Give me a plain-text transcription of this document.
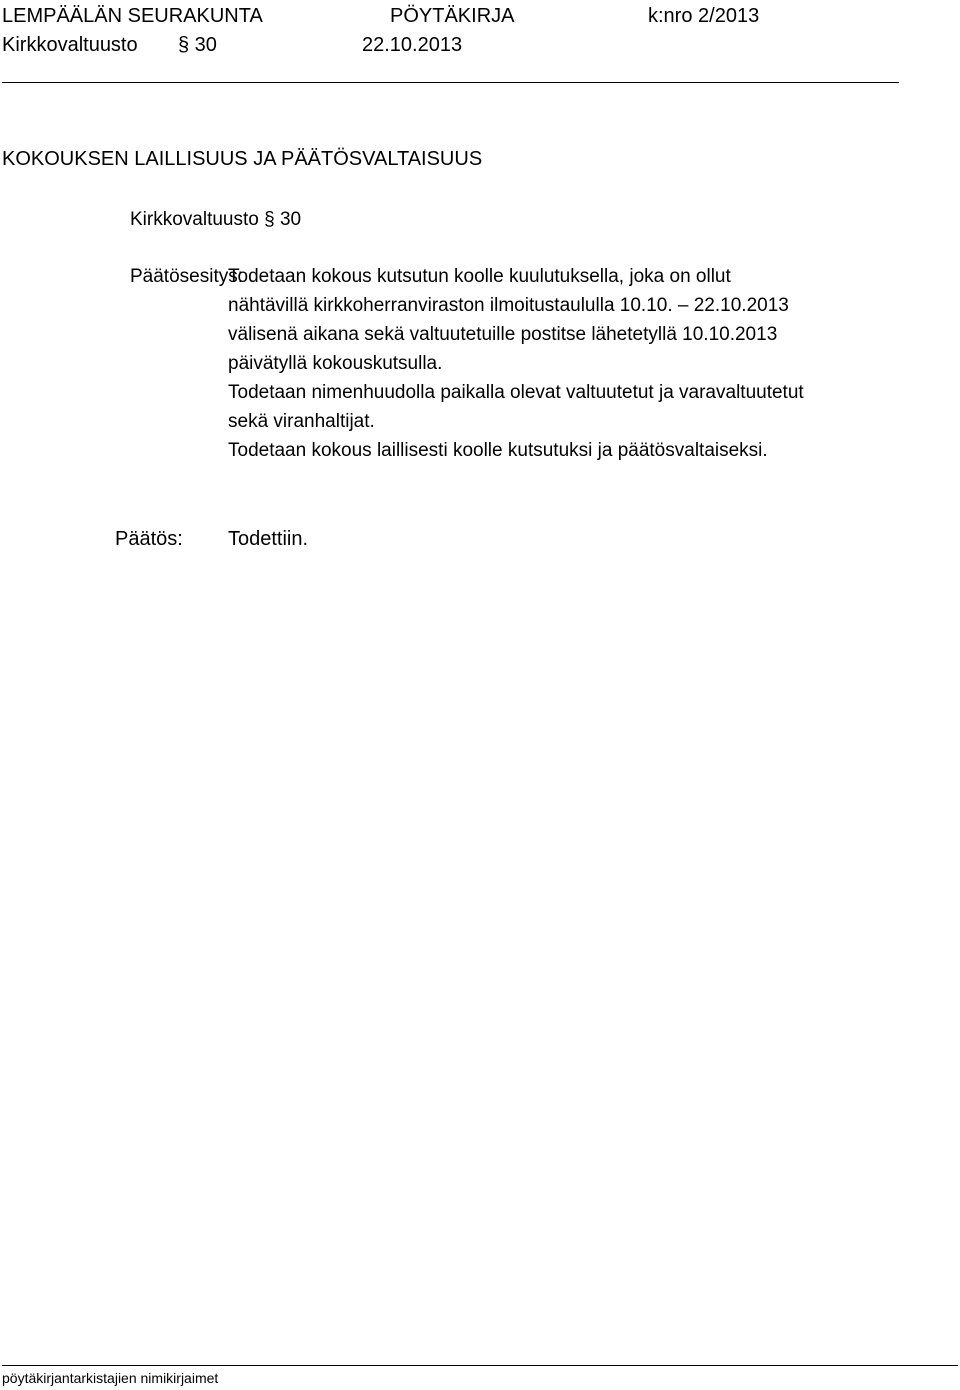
LEMPÄÄLÄN SEURAKUNTA	PÖYTÄKIRJA	k:nro 2/2013
Kirkkovaltuusto § 30	22.10.2013
KOKOUKSEN LAILLISUUS JA PÄÄTÖSVALTAISUUS
Kirkkovaltuusto § 30
Päätösesitys:
Todetaan kokous kutsutun koolle kuulutuksella, joka on ollut
nähtävillä kirkkoherranviraston ilmoitustaululla 10.10. – 22.10.2013
välisenä aikana sekä valtuutetuille postitse lähetetyllä 10.10.2013
päivätyllä kokouskutsulla.
Todetaan nimenhuudolla paikalla olevat valtuutetut ja varavaltuutetut
sekä viranhaltijat.
Todetaan kokous laillisesti koolle kutsutuksi ja päätösvaltaiseksi.
Päätös: Todettiin.
pöytäkirjantarkistajien nimikirjaimet
